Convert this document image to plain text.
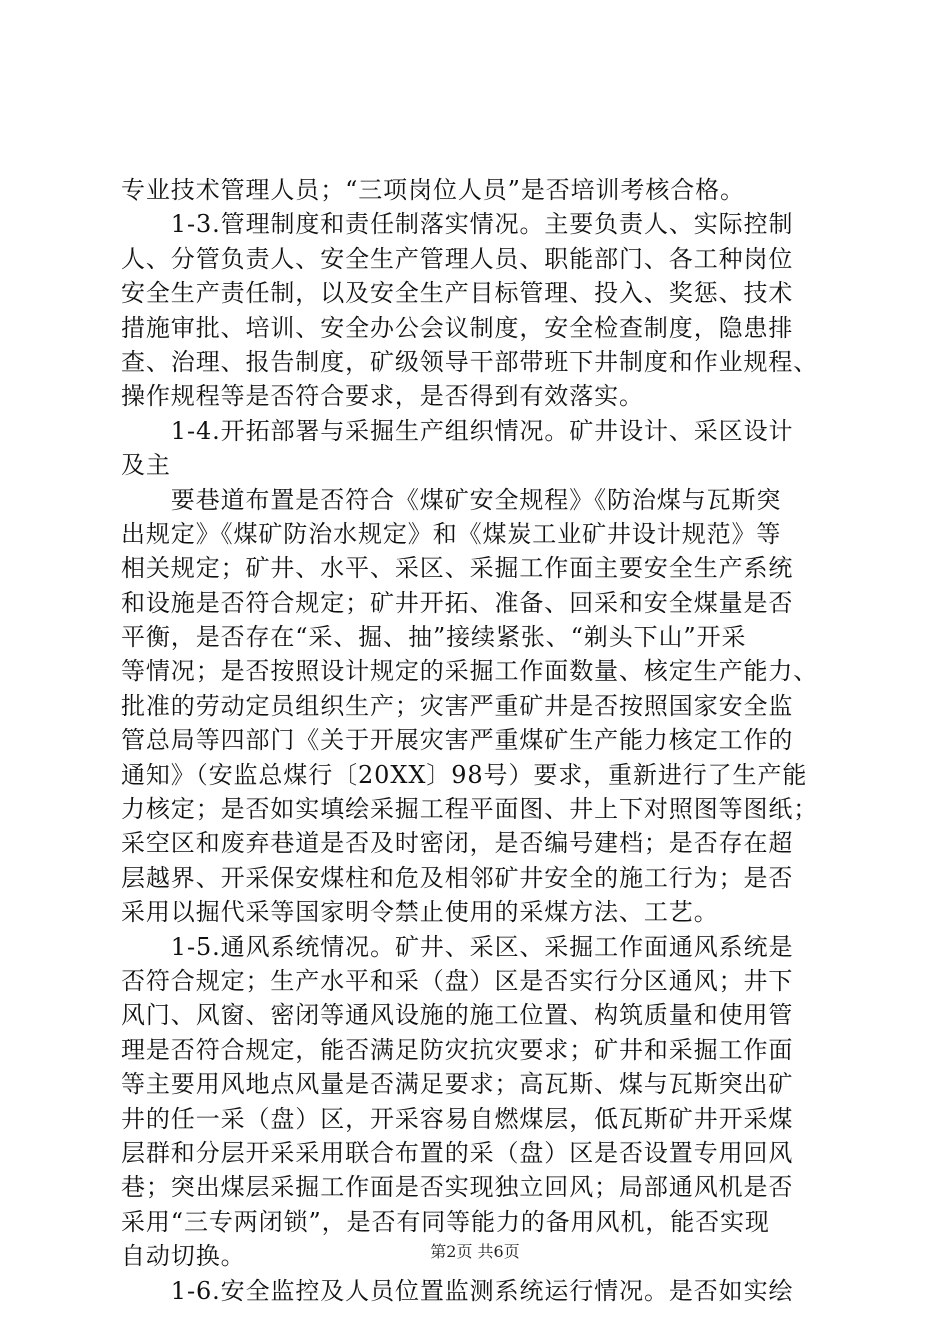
专业技术管理人员；“三项岗位人员”是否培训考核合格。
　　1-3.管理制度和责任制落实情况。主要负责人、实际控制
人、分管负责人、安全生产管理人员、职能部门、各工种岗位
安全生产责任制，以及安全生产目标管理、投入、奖惩、技术
措施审批、培训、安全办公会议制度，安全检查制度，隐患排
查、治理、报告制度，矿级领导干部带班下井制度和作业规程、
操作规程等是否符合要求，是否得到有效落实。
　　1-4.开拓部署与采掘生产组织情况。矿井设计、采区设计
及主
　　要巷道布置是否符合《煤矿安全规程》《防治煤与瓦斯突
出规定》《煤矿防治水规定》和《煤炭工业矿井设计规范》等
相关规定；矿井、水平、采区、采掘工作面主要安全生产系统
和设施是否符合规定；矿井开拓、准备、回采和安全煤量是否
平衡，是否存在“采、掘、抽”接续紧张、“剃头下山”开采
等情况；是否按照设计规定的采掘工作面数量、核定生产能力、
批准的劳动定员组织生产；灾害严重矿井是否按照国家安全监
管总局等四部门《关于开展灾害严重煤矿生产能力核定工作的
通知》（安监总煤行〔20XX〕98号）要求，重新进行了生产能
力核定；是否如实填绘采掘工程平面图、井上下对照图等图纸；
采空区和废弃巷道是否及时密闭，是否编号建档；是否存在超
层越界、开采保安煤柱和危及相邻矿井安全的施工行为；是否
采用以掘代采等国家明令禁止使用的采煤方法、工艺。
　　1-5.通风系统情况。矿井、采区、采掘工作面通风系统是
否符合规定；生产水平和采（盘）区是否实行分区通风；井下
风门、风窗、密闭等通风设施的施工位置、构筑质量和使用管
理是否符合规定，能否满足防灾抗灾要求；矿井和采掘工作面
等主要用风地点风量是否满足要求；高瓦斯、煤与瓦斯突出矿
井的任一采（盘）区，开采容易自燃煤层，低瓦斯矿井开采煤
层群和分层开采采用联合布置的采（盘）区是否设置专用回风
巷；突出煤层采掘工作面是否实现独立回风；局部通风机是否
采用“三专两闭锁”，是否有同等能力的备用风机，能否实现
自动切换。
　　1-6.安全监控及人员位置监测系统运行情况。是否如实绘
第2页 共6页
